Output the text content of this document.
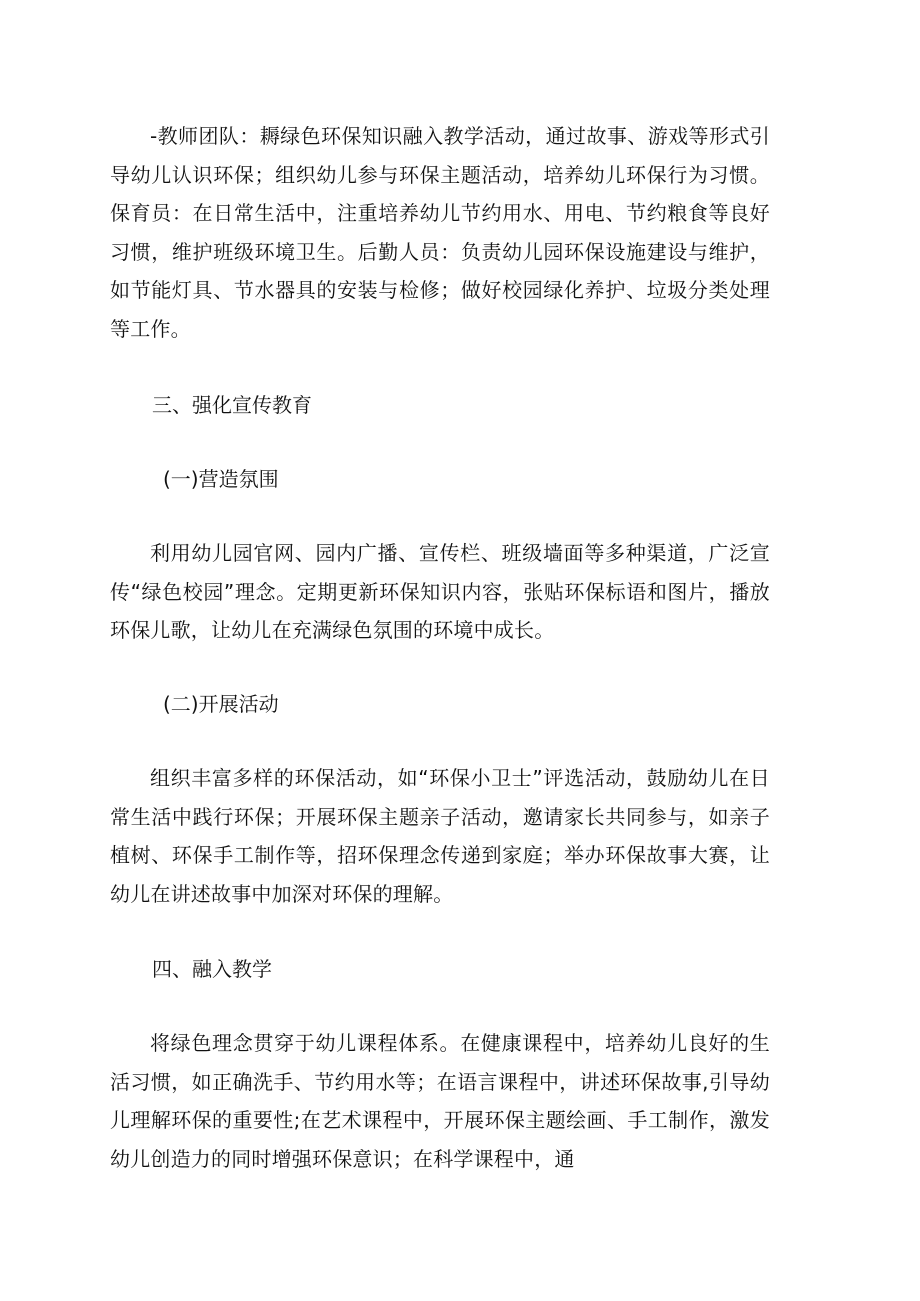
-教师团队：耨绿色环保知识融入教学活动，通过故事、游戏等形式引导幼儿认识环保；组织幼儿参与环保主题活动，培养幼儿环保行为习惯。保育员：在日常生活中，注重培养幼儿节约用水、用电、节约粮食等良好习惯，维护班级环境卫生。后勤人员：负责幼儿园环保设施建设与维护，如节能灯具、节水器具的安装与检修；做好校园绿化养护、垃圾分类处理等工作。

三、强化宣传教育
(一)营造氛围

利用幼儿园官网、园内广播、宣传栏、班级墙面等多种渠道，广泛宣传“绿色校园”理念。定期更新环保知识内容，张贴环保标语和图片，播放环保儿歌，让幼儿在充满绿色氛围的环境中成长。

(二)开展活动

组织丰富多样的环保活动，如“环保小卫士”评选活动，鼓励幼儿在日常生活中践行环保；开展环保主题亲子活动，邀请家长共同参与，如亲子植树、环保手工制作等，招环保理念传递到家庭；举办环保故事大赛，让幼儿在讲述故事中加深对环保的理解。

四、融入教学

将绿色理念贯穿于幼儿课程体系。在健康课程中，培养幼儿良好的生活习惯，如正确洗手、节约用水等；在语言课程中，讲述环保故事,引导幼儿理解环保的重要性;在艺术课程中，开展环保主题绘画、手工制作，激发幼儿创造力的同时增强环保意识；在科学课程中，通
